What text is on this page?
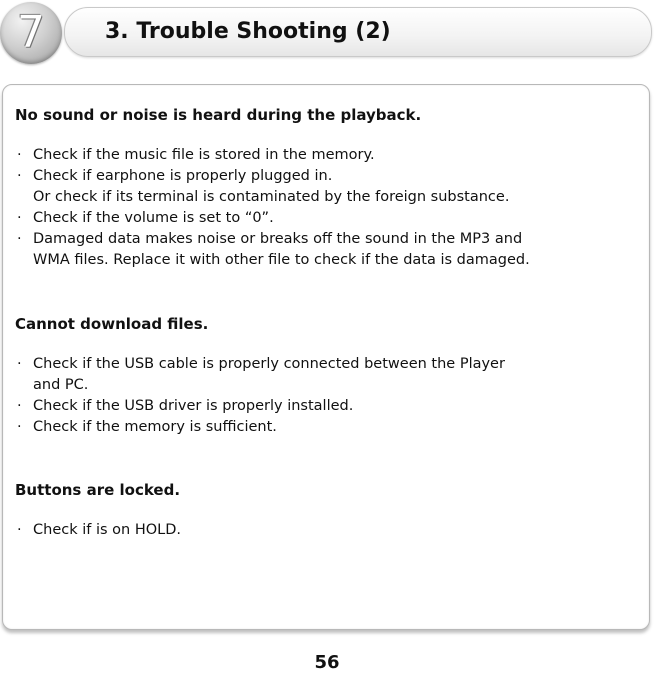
7	3. Trouble Shooting (2)
No sound or noise is heard during the playback.
· Check if the music file is stored in the memory.
· Check if earphone is properly plugged in.
Or check if its terminal is contaminated by the foreign substance.
· Check if the volume is set to “0”.
· Damaged data makes noise or breaks off the sound in the MP3 and
WMA files. Replace it with other file to check if the data is damaged.
Cannot download files.
· Check if the USB cable is properly connected between the Player
and PC.
· Check if the USB driver is properly installed.
· Check if the memory is sufficient.
Buttons are locked.
· Check if is on HOLD.
56
